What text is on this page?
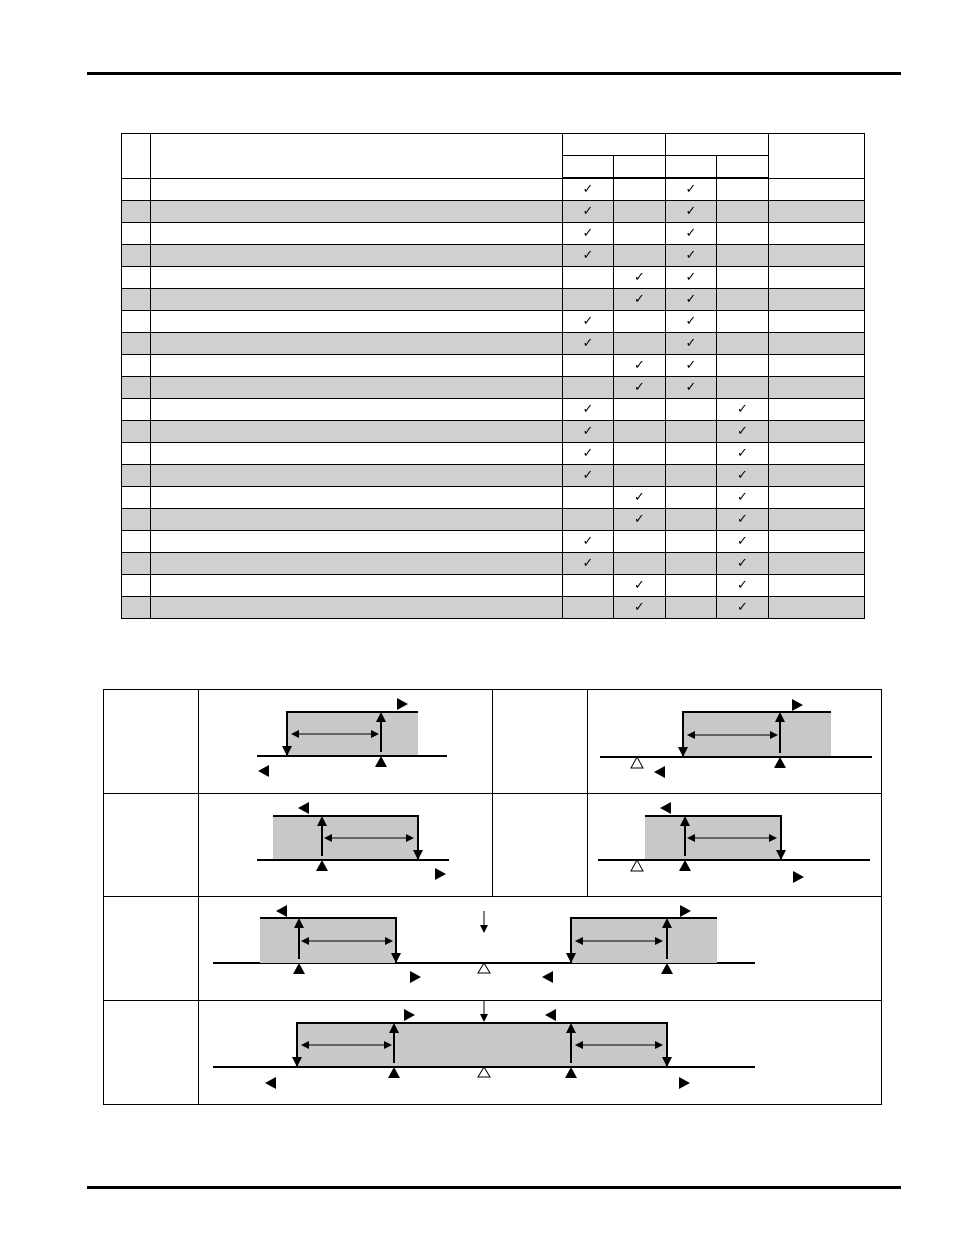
		✓		✓		
		✓		✓		
		✓		✓		
		✓		✓		
			✓	✓		
			✓	✓		
		✓		✓		
		✓		✓		
			✓	✓		
			✓	✓		
		✓			✓	
		✓			✓	
		✓			✓	
		✓			✓	
			✓		✓	
			✓		✓	
		✓			✓	
		✓			✓	
			✓		✓	
			✓		✓	
